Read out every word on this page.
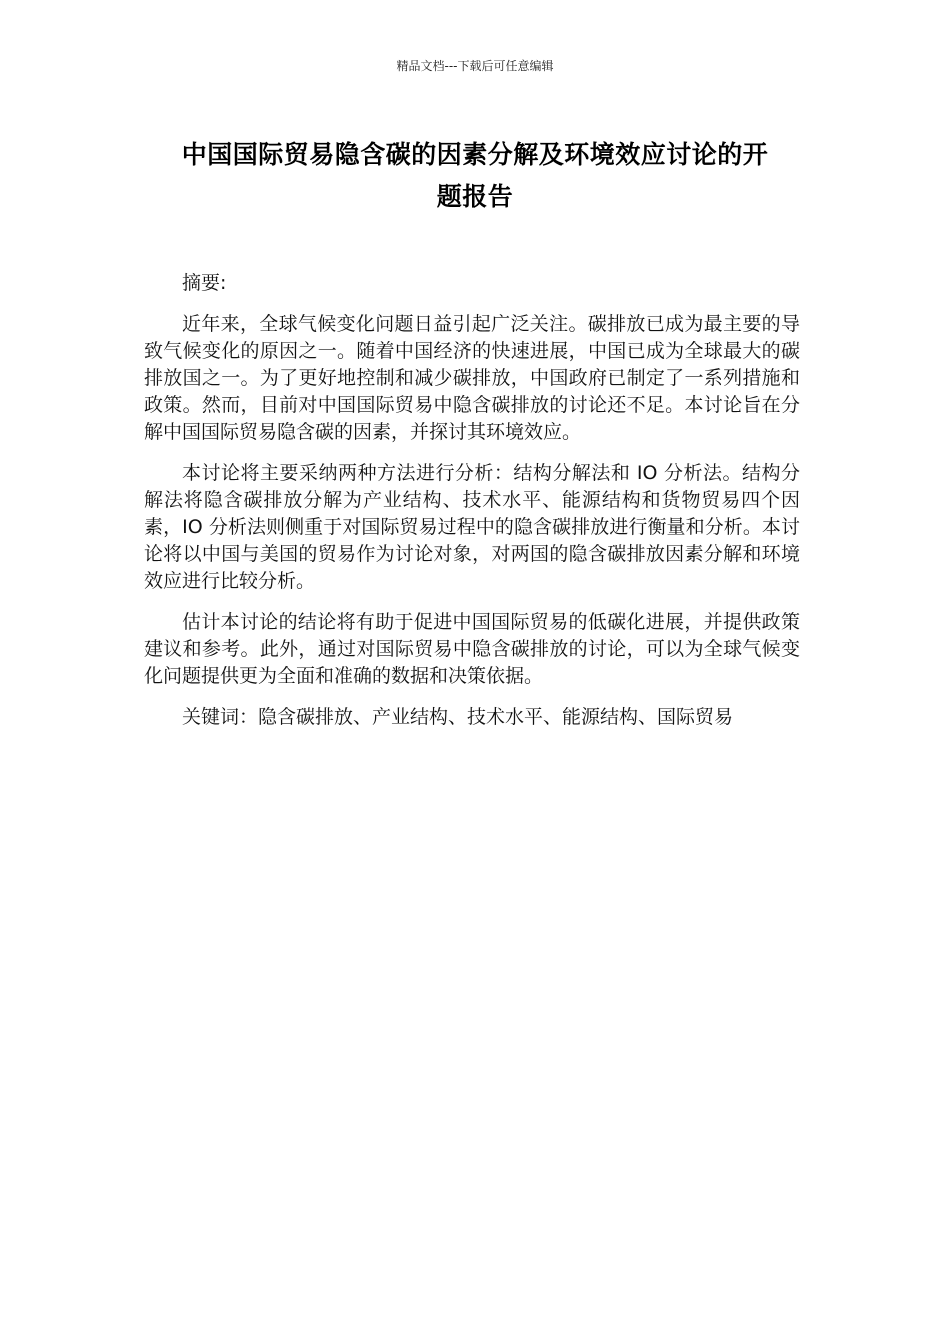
精品文档---下载后可任意编辑
中国国际贸易隐含碳的因素分解及环境效应讨论的开
题报告

摘要:

近年来，全球气候变化问题日益引起广泛关注。碳排放已成为最主要的导致气候变化的原因之一。随着中国经济的快速进展，中国已成为全球最大的碳排放国之一。为了更好地控制和减少碳排放，中国政府已制定了一系列措施和政策。然而，目前对中国国际贸易中隐含碳排放的讨论还不足。本讨论旨在分解中国国际贸易隐含碳的因素，并探讨其环境效应。

本讨论将主要采纳两种方法进行分析：结构分解法和 IO 分析法。结构分解法将隐含碳排放分解为产业结构、技术水平、能源结构和货物贸易四个因素，IO 分析法则侧重于对国际贸易过程中的隐含碳排放进行衡量和分析。本讨论将以中国与美国的贸易作为讨论对象，对两国的隐含碳排放因素分解和环境效应进行比较分析。

估计本讨论的结论将有助于促进中国国际贸易的低碳化进展，并提供政策建议和参考。此外，通过对国际贸易中隐含碳排放的讨论，可以为全球气候变化问题提供更为全面和准确的数据和决策依据。

关键词：隐含碳排放、产业结构、技术水平、能源结构、国际贸易
